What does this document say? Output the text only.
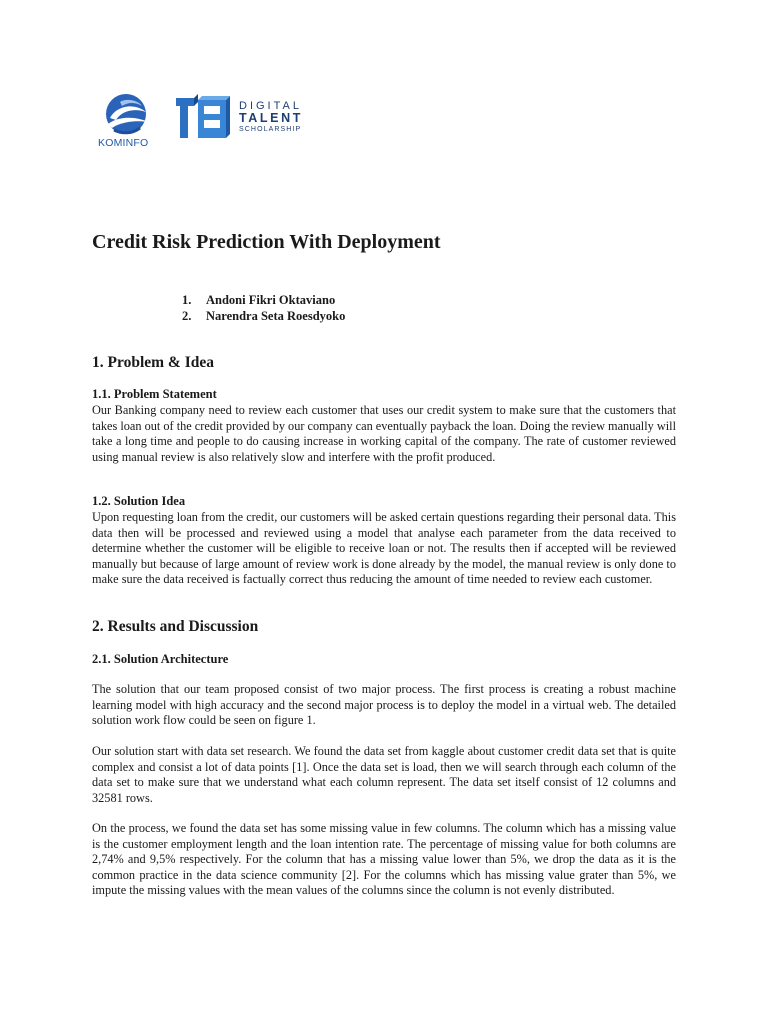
KOMINFO
DIGITAL
TALENT
SCHOLARSHIP
Credit Risk Prediction With Deployment
1. Andoni Fikri Oktaviano
2. Narendra Seta Roesdyoko
1. Problem & Idea
1.1. Problem Statement

Our Banking company need to review each customer that uses our credit system to make sure that the customers that takes loan out of the credit provided by our company can eventually payback the loan. Doing the review manually will take a long time and people to do causing increase in working capital of the company. The rate of customer reviewed using manual review is also relatively slow and interfere with the profit produced.

1.2. Solution Idea

Upon requesting loan from the credit, our customers will be asked certain questions regarding their personal data. This data then will be processed and reviewed using a model that analyse each parameter from the data received to determine whether the customer will be eligible to receive loan or not. The results then if accepted will be reviewed manually but because of large amount of review work is done already by the model, the manual review is only done to make sure the data received is factually correct thus reducing the amount of time needed to review each customer.

2. Results and Discussion
2.1. Solution Architecture

The solution that our team proposed consist of two major process. The first process is creating a robust machine learning model with high accuracy and the second major process is to deploy the model in a virtual web. The detailed solution work flow could be seen on figure 1.

Our solution start with data set research. We found the data set from kaggle about customer credit data set that is quite complex and consist a lot of data points [1]. Once the data set is load, then we will search through each column of the data set to make sure that we understand what each column represent. The data set itself consist of 12 columns and 32581 rows.

On the process, we found the data set has some missing value in few columns. The column which has a missing value is the customer employment length and the loan intention rate. The percentage of missing value for both columns are 2,74% and 9,5% respectively. For the column that has a missing value lower than 5%, we drop the data as it is the common practice in the data science community [2]. For the columns which has missing value grater than 5%, we impute the missing values with the mean values of the columns since the column is not evenly distributed.
